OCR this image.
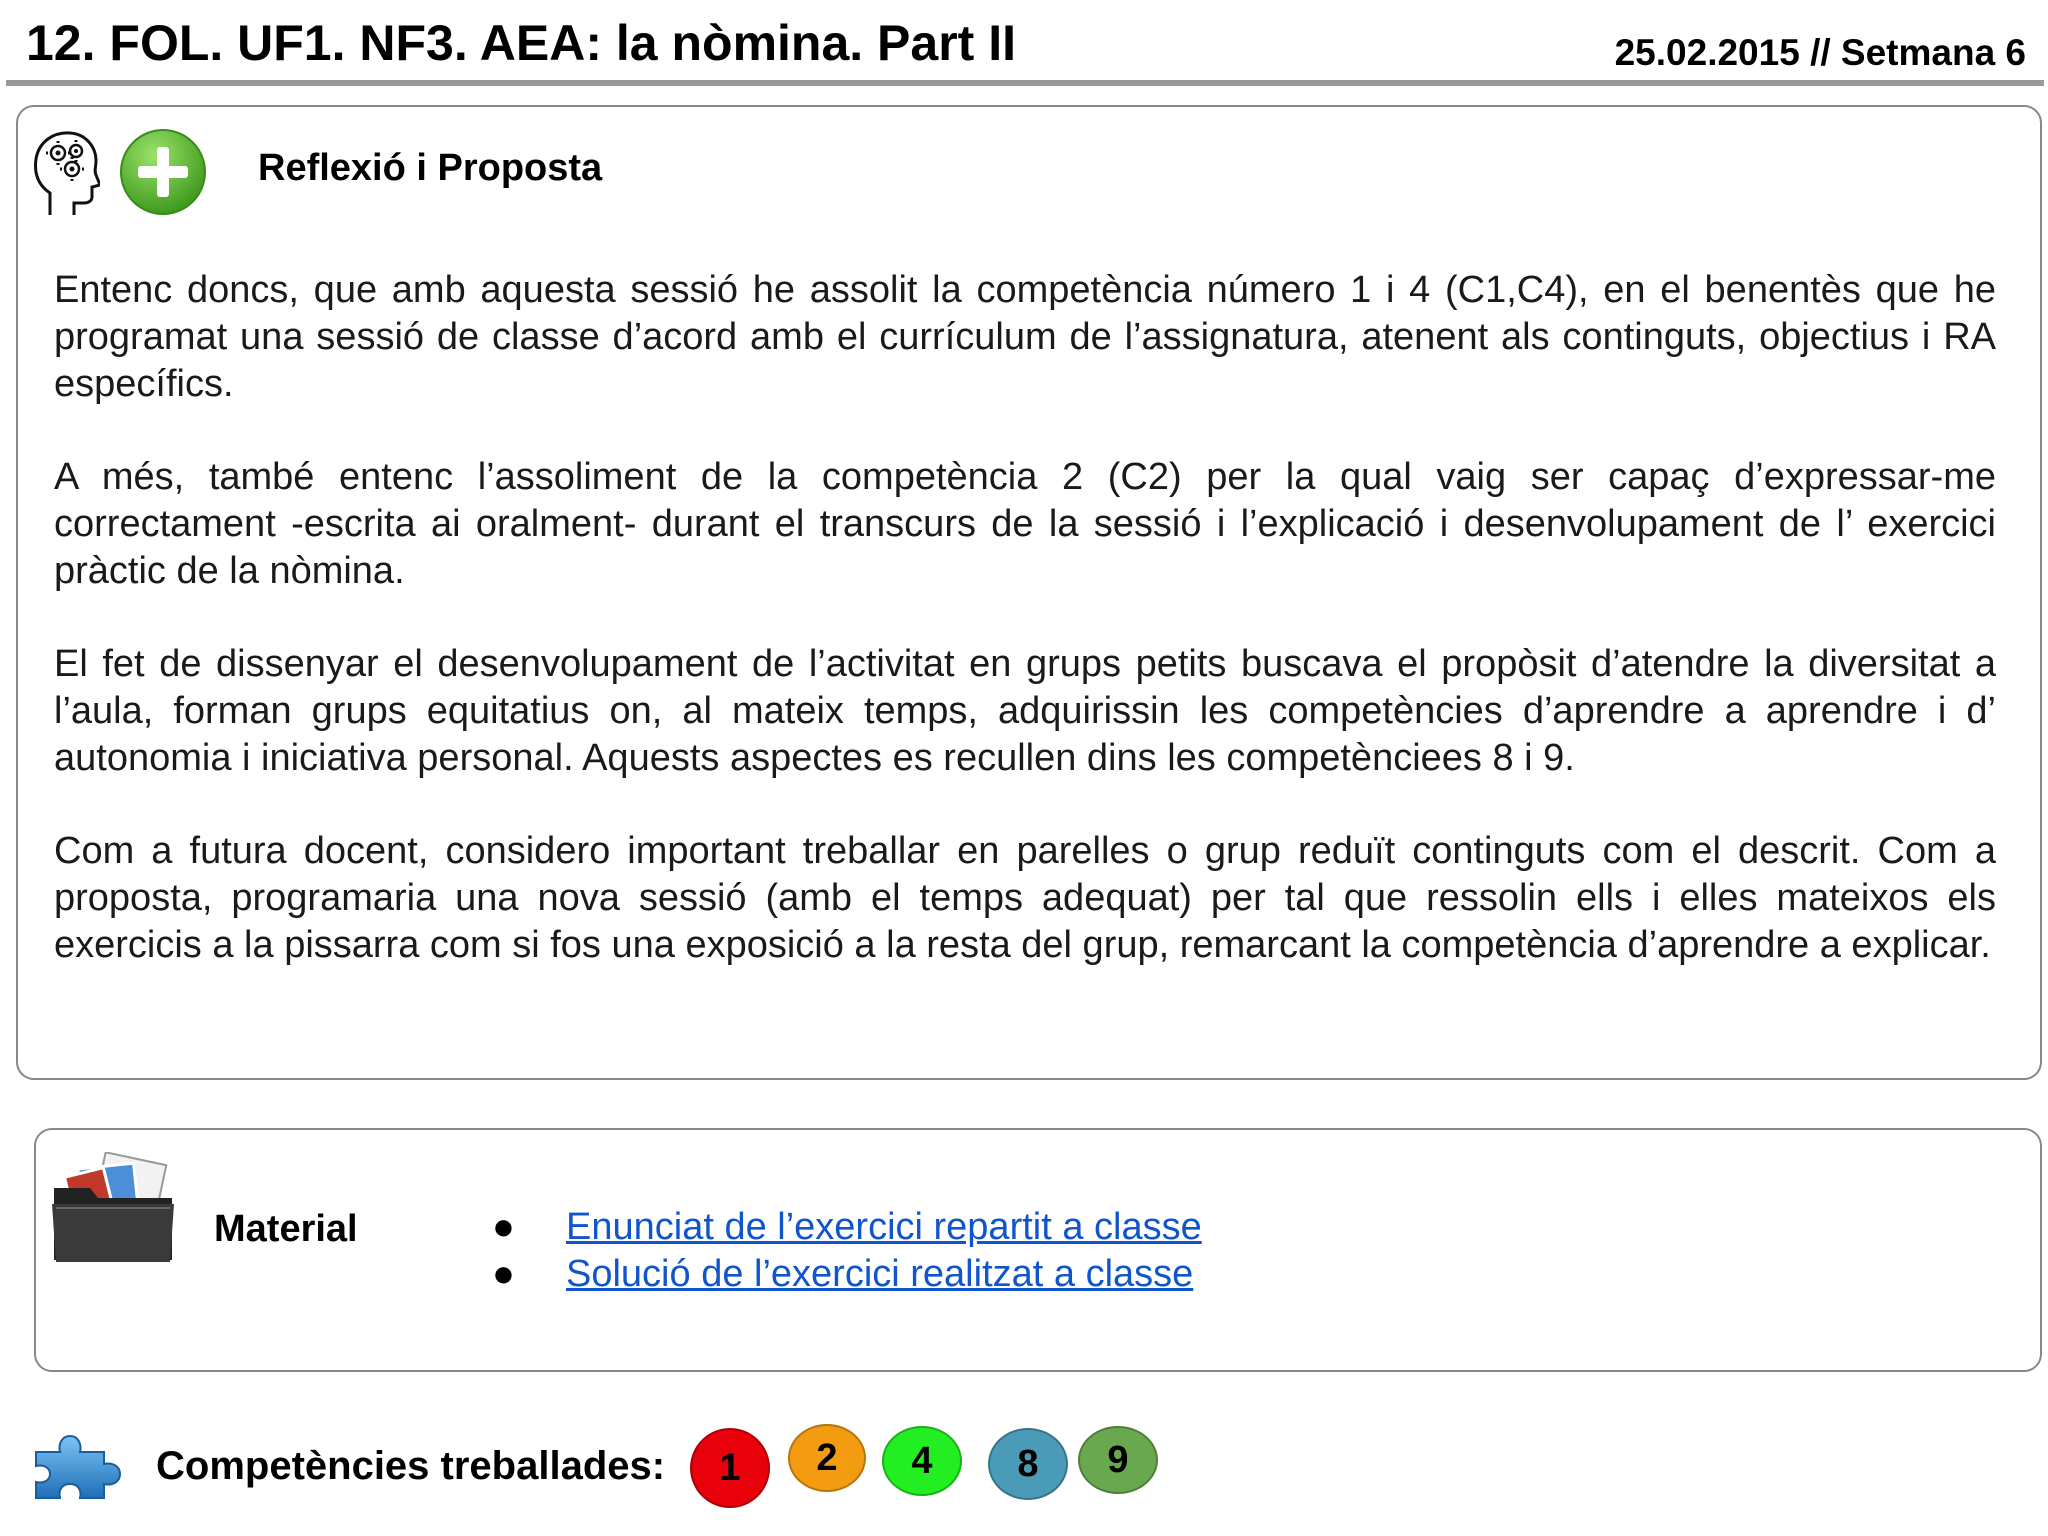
12. FOL. UF1. NF3. AEA: la nòmina. Part II	25.02.2015 // Setmana 6
Reflexió i Proposta

Entenc doncs, que amb aquesta sessió he assolit la competència número 1 i 4 (C1,C4), en el benentès que he programat una sessió de classe d’acord amb el currículum de l’assignatura, atenent als continguts, objectius i RA específics.

A més, també entenc l’assoliment de la competència 2 (C2) per la qual vaig ser capaç d’expressar-me correctament -escrita ai oralment- durant el transcurs de la sessió i l’explicació i desenvolupament de l’ exercici pràctic de la nòmina.

El fet de dissenyar el desenvolupament de l’activitat en grups petits buscava el propòsit d’atendre la diversitat a l’aula, forman grups equitatius on, al mateix temps, adquirissin les competències d’aprendre a aprendre i d’ autonomia i iniciativa personal. Aquests aspectes es recullen dins les competènciees 8 i 9.

Com a futura docent, considero important treballar en parelles o grup reduït continguts com el descrit. Com a proposta, programaria una nova sessió (amb el temps adequat) per tal que ressolin ells i elles mateixos els exercicis a la pissarra com si fos una exposició a la resta del grup, remarcant la competència d’aprendre a explicar.

Material	● Enunciat de l’exercici repartit a classe
● Solució de l’exercici realitzat a classe
Competències treballades:	1	2	4	8	9
